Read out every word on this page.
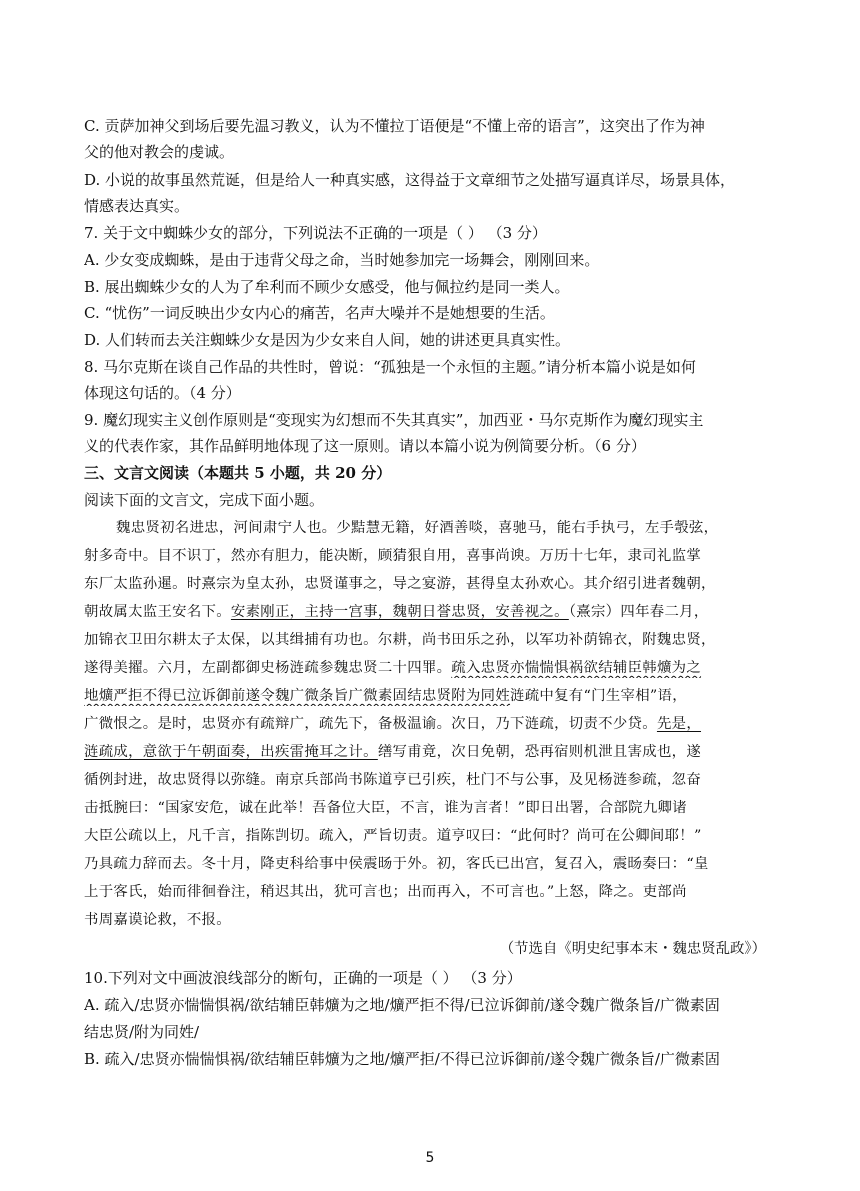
C. 贡萨加神父到场后要先温习教义，认为不懂拉丁语便是“不懂上帝的语言”，这突出了作为神
父的他对教会的虔诚。
D. 小说的故事虽然荒诞，但是给人一种真实感，这得益于文章细节之处描写逼真详尽，场景具体，
情感表达真实。
7. 关于文中蜘蛛少女的部分，下列说法不正确的一项是（ ） （3 分）
A. 少女变成蜘蛛，是由于违背父母之命，当时她参加完一场舞会，刚刚回来。
B. 展出蜘蛛少女的人为了牟利而不顾少女感受，他与佩拉约是同一类人。
C. “忧伤”一词反映出少女内心的痛苦，名声大噪并不是她想要的生活。
D. 人们转而去关注蜘蛛少女是因为少女来自人间，她的讲述更具真实性。
8. 马尔克斯在谈自己作品的共性时，曾说：“孤独是一个永恒的主题。”请分析本篇小说是如何
体现这句话的。（4 分）
9. 魔幻现实主义创作原则是“变现实为幻想而不失其真实”，加西亚・马尔克斯作为魔幻现实主
义的代表作家，其作品鲜明地体现了这一原则。请以本篇小说为例简要分析。（6 分）
三、文言文阅读（本题共 5 小题，共 20 分）
阅读下面的文言文，完成下面小题。
魏忠贤初名进忠，河间肃宁人也。少黠慧无籍，好酒善啖，喜驰马，能右手执弓，左手彀弦，
射多奇中。目不识丁，然亦有胆力，能决断，顾猜狠自用，喜事尚谀。万历十七年，隶司礼监掌
东厂太监孙暹。时熹宗为皇太孙，忠贤谨事之，导之宴游，甚得皇太孙欢心。其介绍引进者魏朝，
朝故属太监王安名下。安素刚正，主持一宫事，魏朝日誉忠贤，安善视之。（熹宗）四年春二月，
加锦衣卫田尔耕太子太保，以其缉捕有功也。尔耕，尚书田乐之孙，以军功补荫锦衣，附魏忠贤，
遂得美擢。六月，左副都御史杨涟疏参魏忠贤二十四罪。疏入忠贤亦惴惴惧祸欲结辅臣韩爌为之
地爌严拒不得已泣诉御前遂令魏广微条旨广微素固结忠贤附为同姓涟疏中复有“门生宰相”语，
广微恨之。是时，忠贤亦有疏辩广，疏先下，备极温谕。次日，乃下涟疏，切责不少贷。先是，
涟疏成，意欲于午朝面奏，出疾雷掩耳之计。缮写甫竟，次日免朝，恐再宿则机泄且害成也，遂
循例封进，故忠贤得以弥缝。南京兵部尚书陈道亨已引疾，杜门不与公事，及见杨涟参疏，忽奋
击抵腕曰：“国家安危，诚在此举！吾备位大臣，不言，谁为言者！”即日出署，合部院九卿诸
大臣公疏以上，凡千言，指陈剀切。疏入，严旨切责。道亨叹曰：“此何时？尚可在公卿间耶！”
乃具疏力辞而去。冬十月，降吏科给事中侯震旸于外。初，客氏已出宫，复召入，震旸奏曰：“皇
上于客氏，始而徘徊眷注，稍迟其出，犹可言也；出而再入，不可言也。”上怒，降之。吏部尚
书周嘉谟论救，不报。
（节选自《明史纪事本末・魏忠贤乱政》）
10.下列对文中画波浪线部分的断句，正确的一项是（ ） （3 分）
A. 疏入/忠贤亦惴惴惧祸/欲结辅臣韩爌为之地/爌严拒不得/已泣诉御前/遂令魏广微条旨/广微素固
结忠贤/附为同姓/
B. 疏入/忠贤亦惴惴惧祸/欲结辅臣韩爌为之地/爌严拒/不得已泣诉御前/遂令魏广微条旨/广微素固
5
